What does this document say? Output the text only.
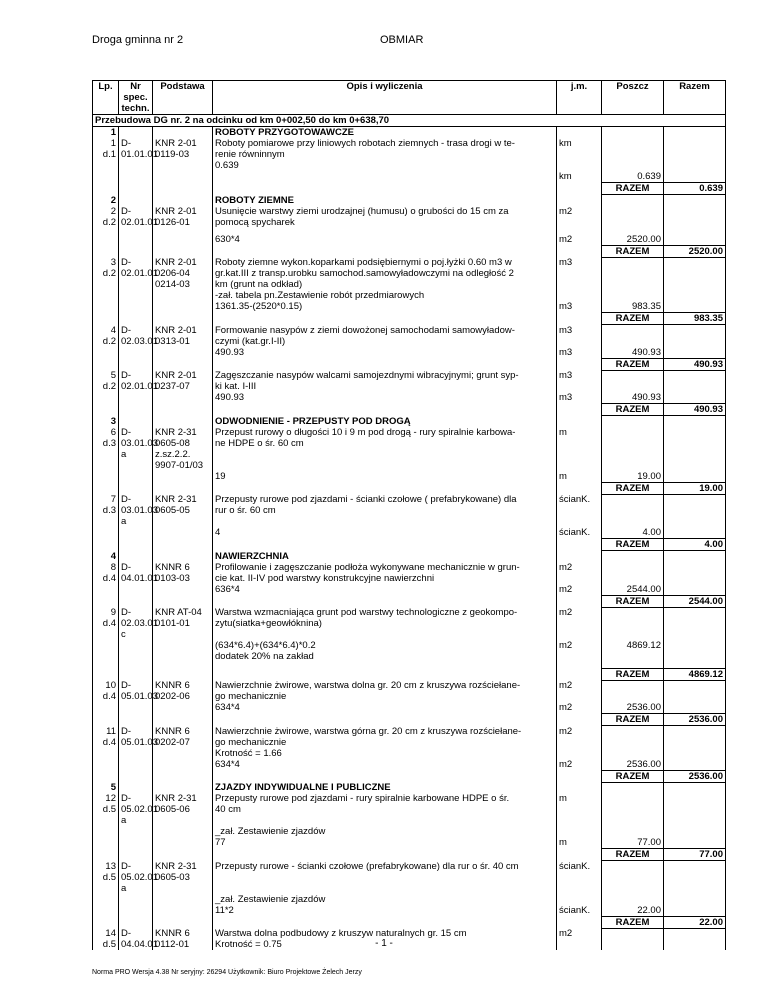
Droga gminna nr 2	OBMIAR
Lp.	Nr spec. techn.	Podstawa	Opis i wyliczenia	j.m.	Poszcz	Razem
Przebudowa DG nr. 2 na odcinku od km 0+002,50 do km 0+638,70						
1			ROBOTY PRZYGOTOWAWCZE			
1	D-	KNR 2-01	Roboty pomiarowe przy liniowych robotach ziemnych - trasa drogi w te-	km		
d.1	01.01.01	0119-03	renie równinnym			
			0.639			
				km	0.639	
					RAZEM	0.639
2			ROBOTY ZIEMNE			
2	D-	KNR 2-01	Usunięcie warstwy ziemi urodzajnej (humusu) o grubości do 15 cm za	m2		
d.2	02.01.01	0126-01	pomocą spycharek			

			630*4	m2	2520.00	
					RAZEM	2520.00
3	D-	KNR 2-01	Roboty ziemne wykon.koparkami podsiębiernymi o poj.łyżki 0.60 m3 w	m3		
d.2	02.01.01	0206-04	gr.kat.III z transp.urobku samochod.samowyładowczymi na odległość 2			
		0214-03	km (grunt na odkład)			
			-zał. tabela pn.Zestawienie robót przedmiarowych			
			1361.35-(2520*0.15)	m3	983.35	
					RAZEM	983.35
4	D-	KNR 2-01	Formowanie nasypów z ziemi dowożonej samochodami samowyładow-	m3		
d.2	02.03.01	0313-01	czymi (kat.gr.I-II)			
			490.93	m3	490.93	
					RAZEM	490.93
5	D-	KNR 2-01	Zagęszczanie nasypów walcami samojezdnymi wibracyjnymi; grunt syp-	m3		
d.2	02.01.01	0237-07	ki kat. I-III			
			490.93	m3	490.93	
					RAZEM	490.93
3			ODWODNIENIE - PRZEPUSTY POD DROGĄ			
6	D-	KNR 2-31	Przepust rurowy o długości 10 i 9 m pod drogą - rury spiralnie karbowa-	m		
d.3	03.01.03	0605-08	ne HDPE o śr. 60 cm			
	a	z.sz.2.2.				
		9907-01/03				
			19	m	19.00	
					RAZEM	19.00
7	D-	KNR 2-31	Przepusty rurowe pod zjazdami - ścianki czołowe ( prefabrykowane) dla	ścianK.		
d.3	03.01.03	0605-05	rur o śr. 60 cm			
	a					
			4	ścianK.	4.00	
					RAZEM	4.00
4			NAWIERZCHNIA			
8	D-	KNNR 6	Profilowanie i zagęszczanie podłoża wykonywane mechanicznie w grun-	m2		
d.4	04.01.01	0103-03	cie kat. II-IV pod warstwy konstrukcyjne nawierzchni			
			636*4	m2	2544.00	
					RAZEM	2544.00
9	D-	KNR AT-04	Warstwa wzmacniająca grunt pod warstwy technologiczne z geokompo-	m2		
d.4	02.03.01	0101-01	zytu(siatka+geowłóknina)			
	c					
			(634*6.4)+(634*6.4)*0.2	m2	4869.12	
			dodatek 20% na zakład			

					RAZEM	4869.12
10	D-	KNNR 6	Nawierzchnie żwirowe, warstwa dolna gr. 20 cm z kruszywa rozściełane-	m2		
d.4	05.01.03	0202-06	go mechanicznie			
			634*4	m2	2536.00	
					RAZEM	2536.00
11	D-	KNNR 6	Nawierzchnie żwirowe, warstwa górna gr. 20 cm z kruszywa rozściełane-	m2		
d.4	05.01.03	0202-07	go mechanicznie			
			Krotność = 1.66			
			634*4	m2	2536.00	
					RAZEM	2536.00
5			ZJAZDY INDYWIDUALNE I PUBLICZNE			
12	D-	KNR 2-31	Przepusty rurowe pod zjazdami - rury spiralnie karbowane HDPE o śr.	m		
d.5	05.02.01	0605-06	40 cm			
	a					
			_zał. Zestawienie zjazdów			
			77	m	77.00	
					RAZEM	77.00
13	D-	KNR 2-31	Przepusty rurowe - ścianki czołowe (prefabrykowane) dla rur o śr. 40 cm	ścianK.		
d.5	05.02.01	0605-03				
	a					
			_zał. Zestawienie zjazdów			
			11*2	ścianK.	22.00	
					RAZEM	22.00
14	D-	KNNR 6	Warstwa dolna podbudowy z kruszyw naturalnych gr. 15 cm	m2		
d.5	04.04.01	0112-01	Krotność = 0.75				- 1 -
Norma PRO Wersja 4.38 Nr seryjny: 26294 Użytkownik: Biuro Projektowe Żelech Jerzy
